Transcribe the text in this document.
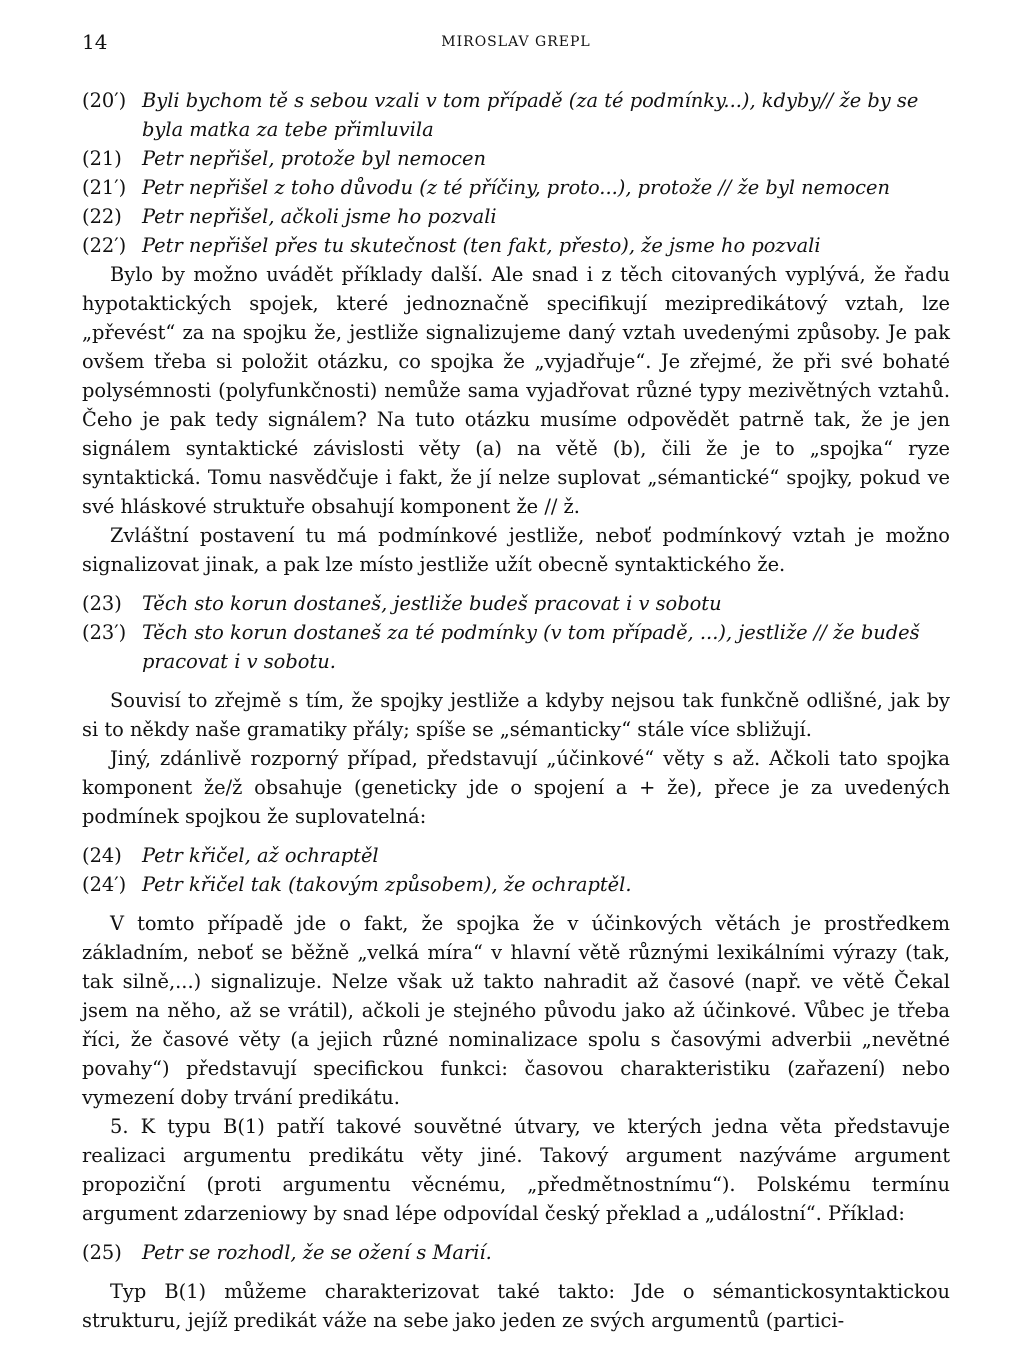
14	MIROSLAV GREPL

(20′) Byli bychom tě s sebou vzali v tom případě (za té podmínky...), kdyby// že by se byla matka za tebe přimluvila

(21) Petr nepřišel, protože byl nemocen

(21′) Petr nepřišel z toho důvodu (z té příčiny, proto...), protože // že byl nemocen

(22) Petr nepřišel, ačkoli jsme ho pozvali

(22′) Petr nepřišel přes tu skutečnost (ten fakt, přesto), že jsme ho pozvali

Bylo by možno uvádět příklady další. Ale snad i z těch citovaných vyplývá, že řadu hypotaktických spojek, které jednoznačně specifikují mezipredikátový vztah, lze „převést“ za na spojku že, jestliže signalizujeme daný vztah uvedenými způsoby. Je pak ovšem třeba si položit otázku, co spojka že „vyjadřuje“. Je zřejmé, že při své bohaté polysémnosti (polyfunkčnosti) nemůže sama vyjadřovat různé typy mezivětných vztahů. Čeho je pak tedy signálem? Na tuto otázku musíme odpovědět patrně tak, že je jen signálem syntaktické závislosti věty (a) na větě (b), čili že je to „spojka“ ryze syntaktická. Tomu nasvědčuje i fakt, že jí nelze suplovat „sémantické“ spojky, pokud ve své hláskové struktuře obsahují komponent že // ž.

Zvláštní postavení tu má podmínkové jestliže, neboť podmínkový vztah je možno signalizovat jinak, a pak lze místo jestliže užít obecně syntaktického že.

(23) Těch sto korun dostaneš, jestliže budeš pracovat i v sobotu

(23′) Těch sto korun dostaneš za té podmínky (v tom případě, ...), jestliže // že budeš pracovat i v sobotu.

Souvisí to zřejmě s tím, že spojky jestliže a kdyby nejsou tak funkčně odlišné, jak by si to někdy naše gramatiky přály; spíše se „sémanticky“ stále více sbližují.

Jiný, zdánlivě rozporný případ, představují „účinkové“ věty s až. Ačkoli tato spojka komponent že/ž obsahuje (geneticky jde o spojení a + že), přece je za uvedených podmínek spojkou že suplovatelná:

(24) Petr křičel, až ochraptěl

(24′) Petr křičel tak (takovým způsobem), že ochraptěl.

V tomto případě jde o fakt, že spojka že v účinkových větách je prostředkem základním, neboť se běžně „velká míra“ v hlavní větě různými lexikálními výrazy (tak, tak silně,...) signalizuje. Nelze však už takto nahradit až časové (např. ve větě Čekal jsem na něho, až se vrátil), ačkoli je stejného původu jako až účinkové. Vůbec je třeba říci, že časové věty (a jejich různé nominalizace spolu s časovými adverbii „nevětné povahy“) představují specifickou funkci: časovou charakteristiku (zařazení) nebo vymezení doby trvání predikátu.

5. K typu B(1) patří takové souvětné útvary, ve kterých jedna věta představuje realizaci argumentu predikátu věty jiné. Takový argument nazýváme argument propoziční (proti argumentu věcnému, „předmětnostnímu“). Polskému termínu argument zdarzeniowy by snad lépe odpovídal český překlad a „událostní“. Příklad:

(25) Petr se rozhodl, že se ožení s Marií.

Typ B(1) můžeme charakterizovat také takto: Jde o sémantickosyntaktickou strukturu, jejíž predikát váže na sebe jako jeden ze svých argumentů (partici-
